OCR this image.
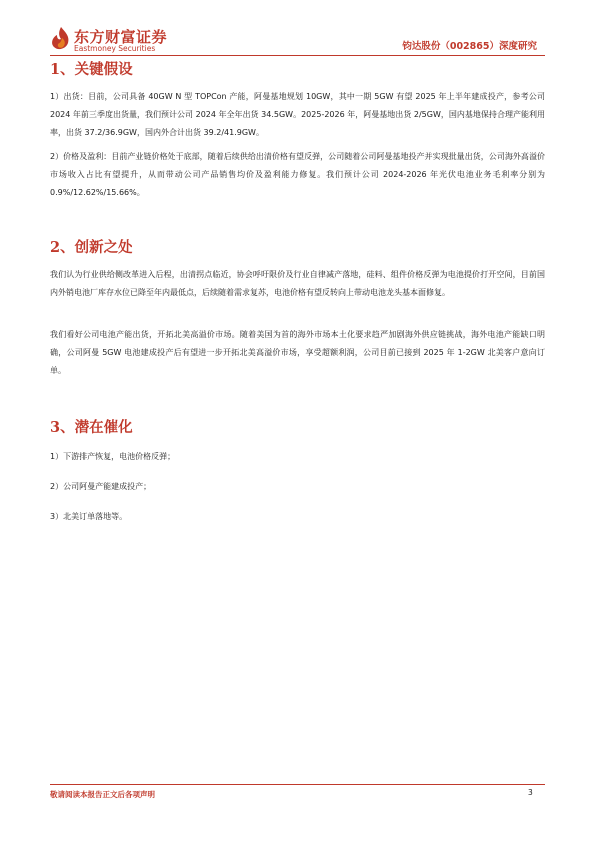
东方财富证券
Eastmoney Securities	钧达股份（002865）深度研究
1、关键假设

1）出货：目前，公司具备 40GW N 型 TOPCon 产能，阿曼基地规划 10GW，其中一期 5GW 有望 2025 年上半年建成投产，参考公司 2024 年前三季度出货量，我们预计公司 2024 年全年出货 34.5GW。2025-2026 年，阿曼基地出货 2/5GW，国内基地保持合理产能利用率，出货 37.2/36.9GW，国内外合计出货 39.2/41.9GW。

2）价格及盈利：目前产业链价格处于底部，随着后续供给出清价格有望反弹，公司随着公司阿曼基地投产并实现批量出货，公司海外高溢价市场收入占比有望提升，从而带动公司产品销售均价及盈利能力修复。我们预计公司 2024-2026 年光伏电池业务毛利率分别为 0.9%/12.62%/15.66%。

2、创新之处

我们认为行业供给侧改革进入后程，出清拐点临近，协会呼吁限价及行业自律减产落地，硅料、组件价格反弹为电池提价打开空间，目前国内外销电池厂库存水位已降至年内最低点，后续随着需求复苏，电池价格有望反转向上带动电池龙头基本面修复。

我们看好公司电池产能出货，开拓北美高溢价市场。随着美国为首的海外市场本土化要求趋严加剧海外供应链挑战，海外电池产能缺口明确，公司阿曼 5GW 电池建成投产后有望进一步开拓北美高溢价市场，享受超额利润，公司目前已接到 2025 年 1-2GW 北美客户意向订单。

3、潜在催化
1）下游排产恢复，电池价格反弹；
2）公司阿曼产能建成投产；
3）北美订单落地等。
敬请阅读本报告正文后各项声明	3
